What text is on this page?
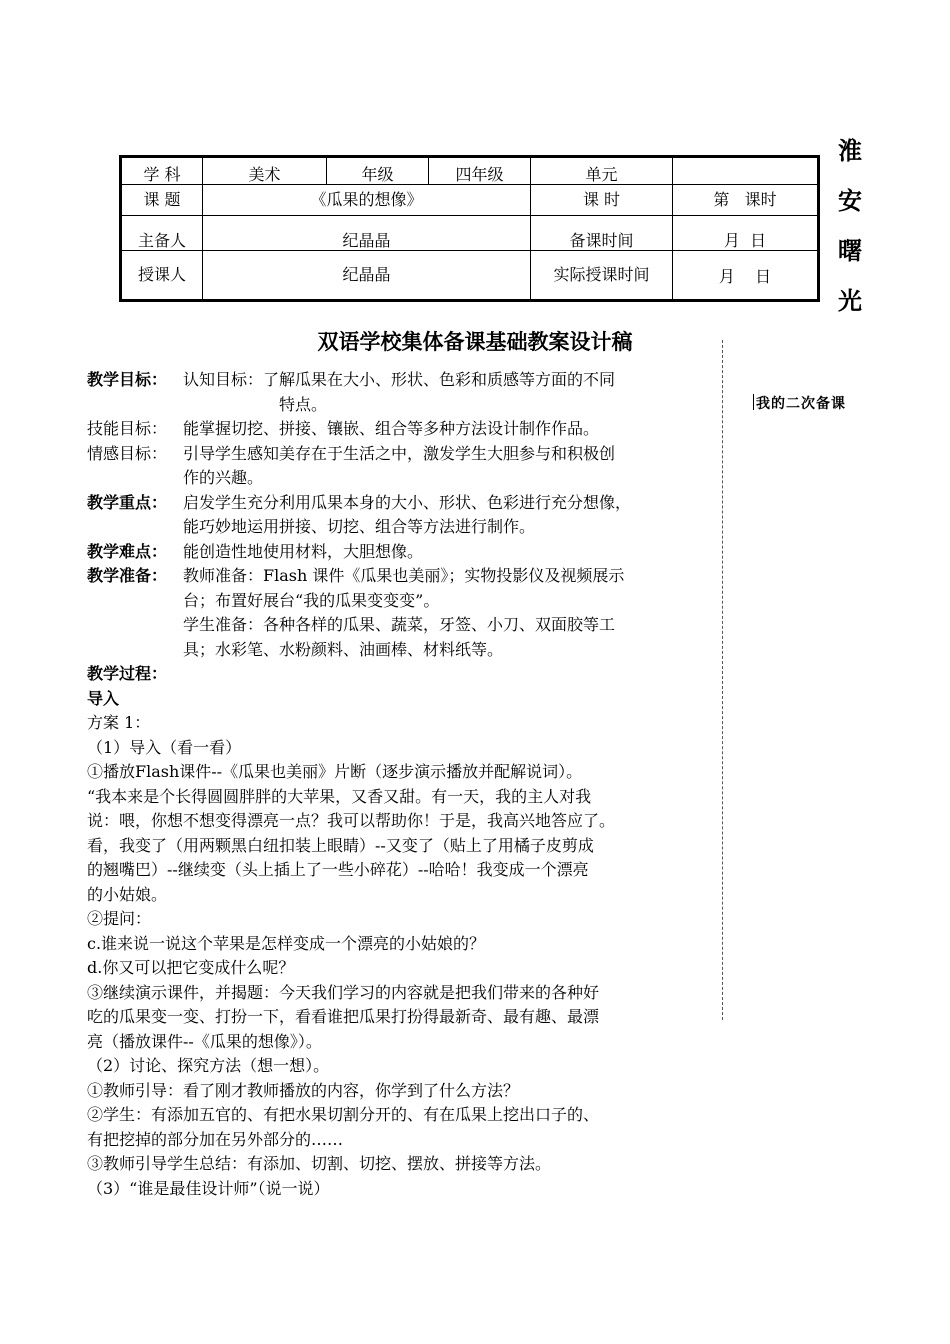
淮
安
曙
光
学 科	美术	年级	四年级	单元	
课 题	《瓜果的想像》			课 时	第   课时
主备人	纪晶晶			备课时间	月  日
授课人	纪晶晶			实际授课时间	月    日
双语学校集体备课基础教案设计稿
我的二次备课
教学目标： 认知目标：了解瓜果在大小、形状、色彩和质感等方面的不同
特点。
技能目标： 能掌握切挖、拼接、镶嵌、组合等多种方法设计制作作品。
情感目标： 引导学生感知美存在于生活之中，激发学生大胆参与和积极创
作的兴趣。
教学重点： 启发学生充分利用瓜果本身的大小、形状、色彩进行充分想像，
能巧妙地运用拼接、切挖、组合等方法进行制作。
教学难点： 能创造性地使用材料，大胆想像。
教学准备： 教师准备：Flash 课件《瓜果也美丽》；实物投影仪及视频展示
台；布置好展台“我的瓜果变变变”。
学生准备：各种各样的瓜果、蔬菜，牙签、小刀、双面胶等工
具；水彩笔、水粉颜料、油画棒、材料纸等。
教学过程：
导入

方案 1：

（1）导入（看一看）

①播放Flash课件--《瓜果也美丽》片断（逐步演示播放并配解说词）。

“我本来是个长得圆圆胖胖的大苹果，又香又甜。有一天，我的主人对我

说：喂，你想不想变得漂亮一点？我可以帮助你！于是，我高兴地答应了。

看，我变了（用两颗黑白纽扣装上眼睛）--又变了（贴上了用橘子皮剪成

的翘嘴巴）--继续变（头上插上了一些小碎花）--哈哈！我变成一个漂亮

的小姑娘。

②提问：

c.谁来说一说这个苹果是怎样变成一个漂亮的小姑娘的？

d.你又可以把它变成什么呢？

③继续演示课件，并揭题：今天我们学习的内容就是把我们带来的各种好

吃的瓜果变一变、打扮一下，看看谁把瓜果打扮得最新奇、最有趣、最漂

亮（播放课件--《瓜果的想像》）。

（2）讨论、探究方法（想一想）。

①教师引导：看了刚才教师播放的内容，你学到了什么方法？

②学生：有添加五官的、有把水果切割分开的、有在瓜果上挖出口子的、

有把挖掉的部分加在另外部分的……

③教师引导学生总结：有添加、切割、切挖、摆放、拼接等方法。

（3）“谁是最佳设计师”（说一说）
